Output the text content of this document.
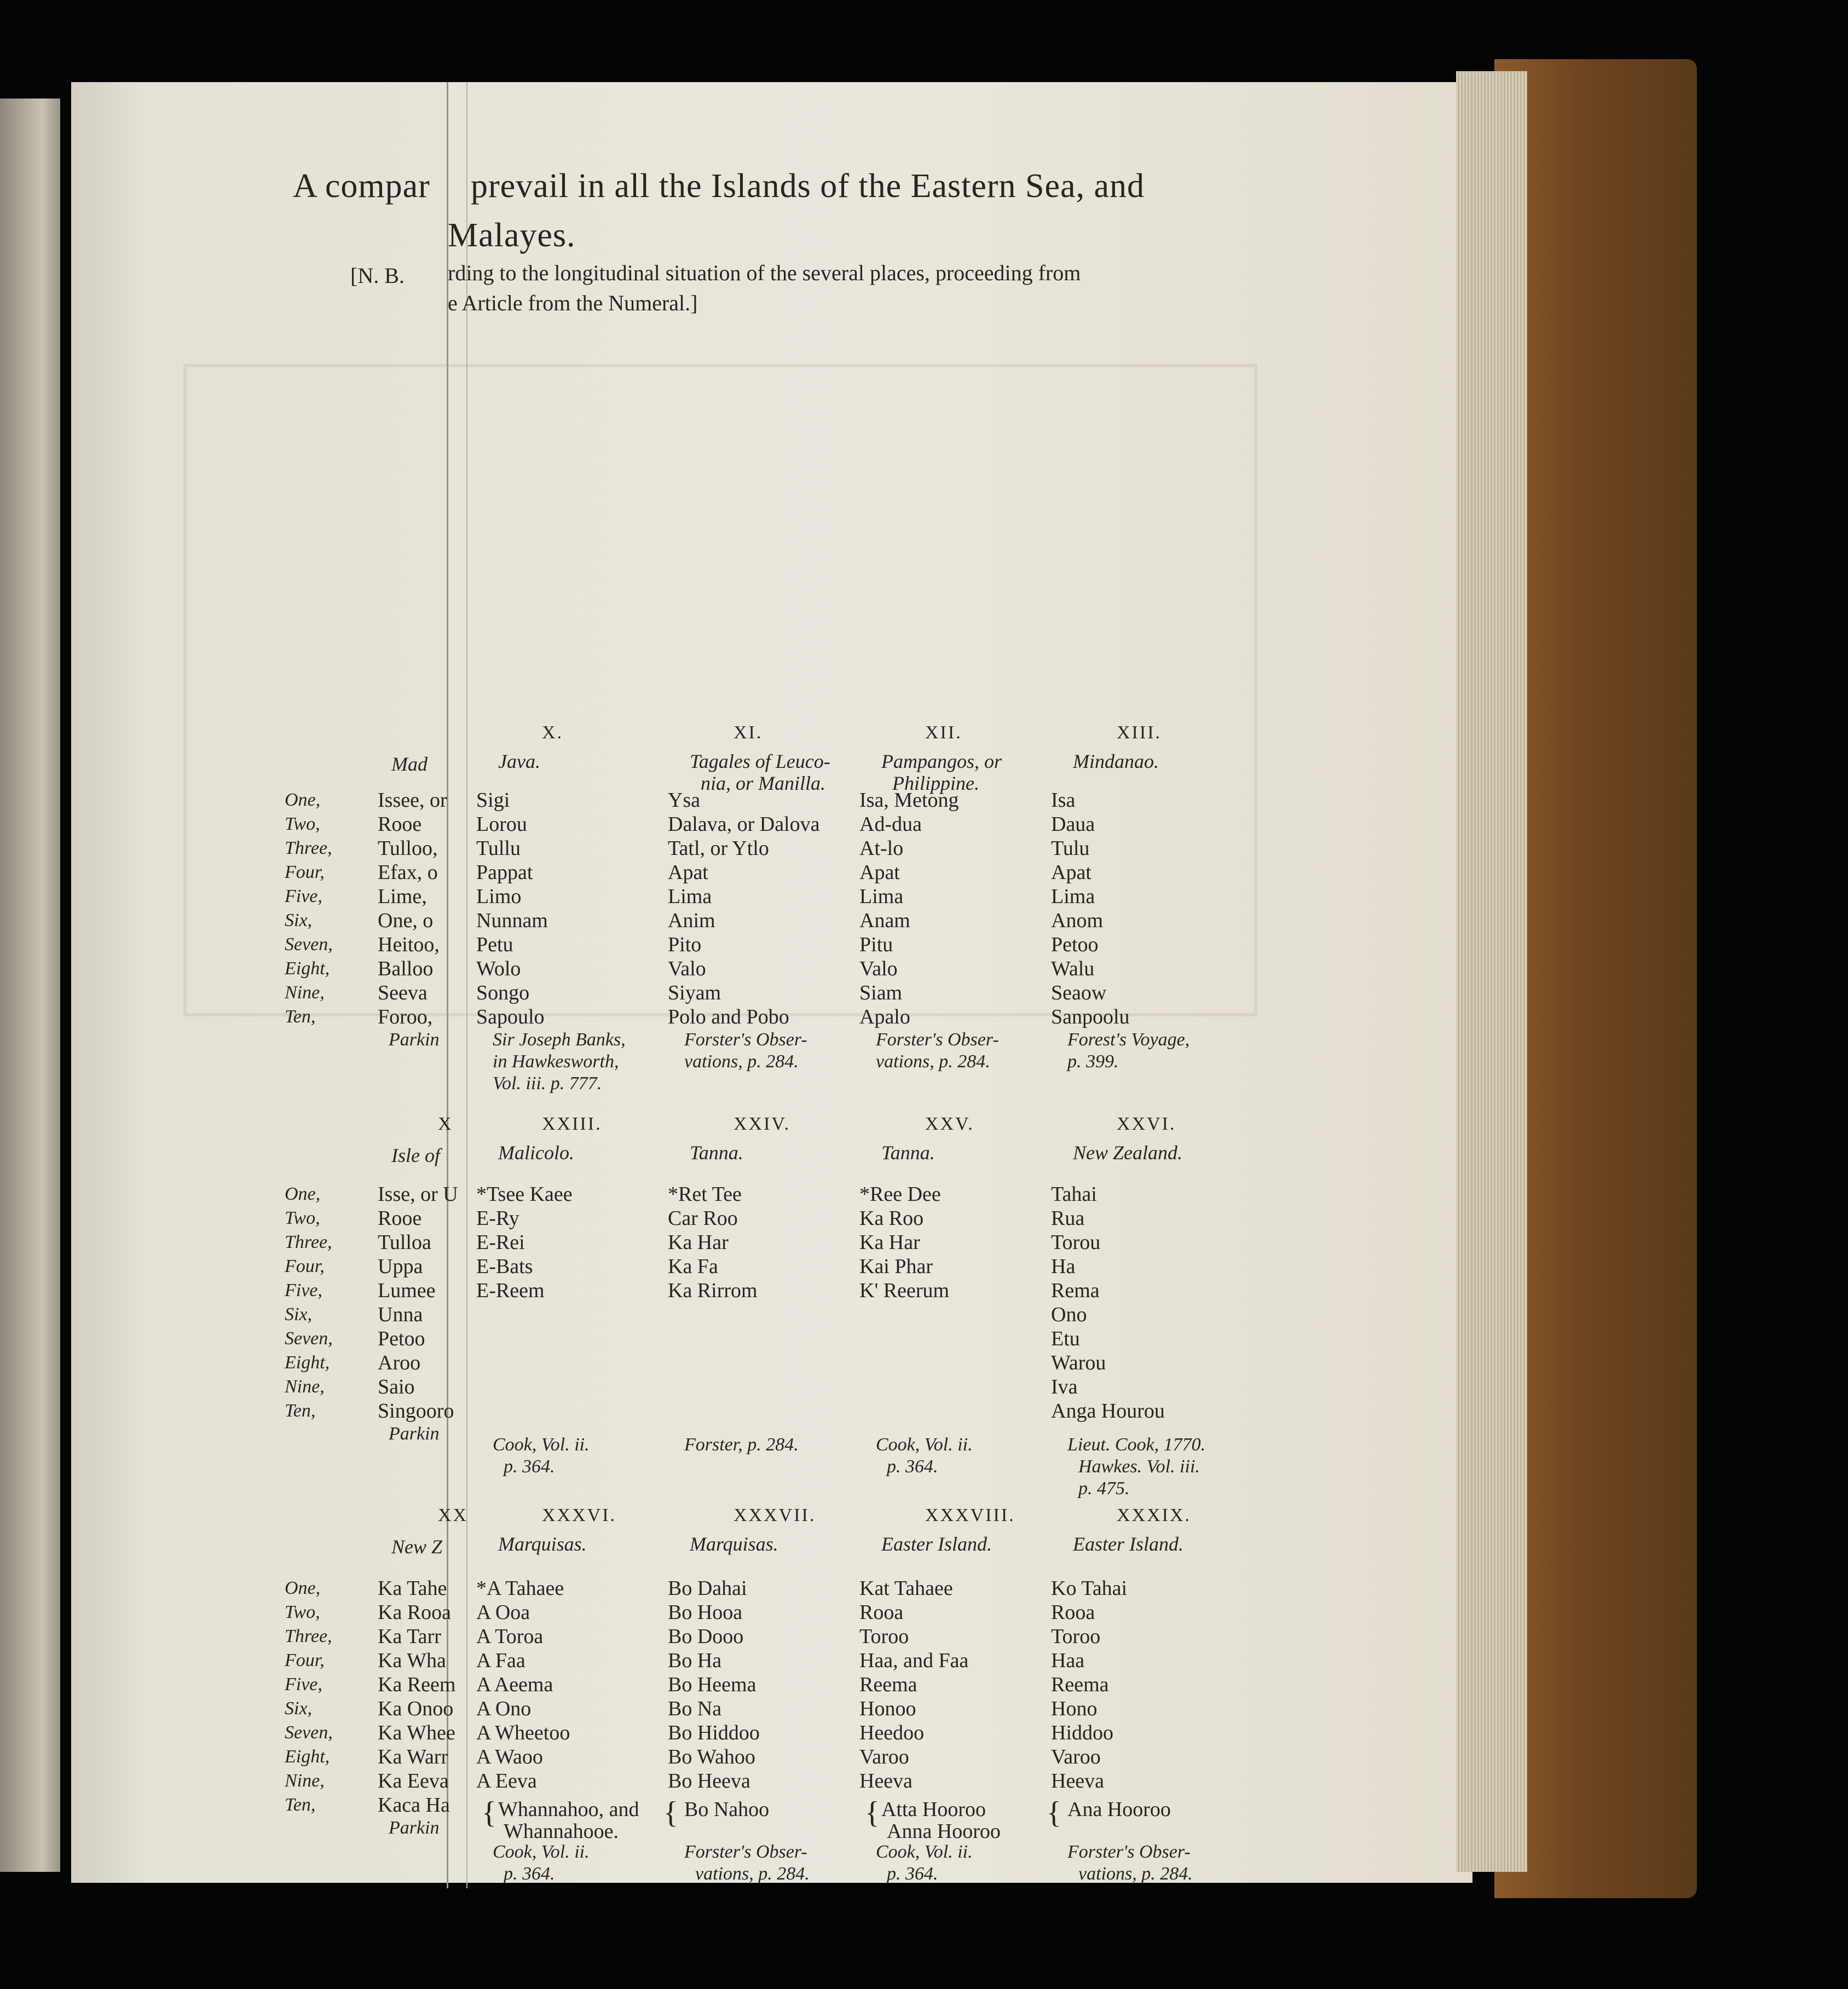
A compar prevail in all the Islands of the Eastern Sea, and
Malayes.
[N. B. rding to the longitudinal situation of the several places, proceeding from
e Article from the Numeral.]
One,
Two,
Three,
Four,
Five,
Six,
Seven,
Eight,
Nine,
Ten,
Mad
Issee, or
Rooe
Tulloo,
Efax, o
Lime,
One, o
Heitoo,
Balloo
Seeva
Foroo,
Parkin
X.
Java.
Sigi
Lorou
Tullu
Pappat
Limo
Nunnam
Petu
Wolo
Songo
Sapoulo
Sir Joseph Banks,
in Hawkesworth,
Vol. iii. p. 777.
XI.
Tagales of Leuco-
nia, or Manilla.
Ysa
Dalava, or Dalova
Tatl, or Ytlo
Apat
Lima
Anim
Pito
Valo
Siyam
Polo and Pobo
Forster's Obser-
vations, p. 284.
XII.
Pampangos, or
Philippine.
Isa, Metong
Ad-dua
At-lo
Apat
Lima
Anam
Pitu
Valo
Siam
Apalo
Forster's Obser-
vations, p. 284.
XIII.
Mindanao.
Isa
Daua
Tulu
Apat
Lima
Anom
Petoo
Walu
Seaow
Sanpoolu
Forest's Voyage,
p. 399.
One,
Two,
Three,
Four,
Five,
Six,
Seven,
Eight,
Nine,
Ten,
X
Isle of
Isse, or U
Rooe
Tulloa
Uppa
Lumee
Unna
Petoo
Aroo
Saio
Singooro
Parkin
XXIII.
Malicolo.
*Tsee Kaee
E-Ry
E-Rei
E-Bats
E-Reem
Cook, Vol. ii.
p. 364.
XXIV.
Tanna.
*Ret Tee
Car Roo
Ka Har
Ka Fa
Ka Rirrom
Forster, p. 284.
XXV.
Tanna.
*Ree Dee
Ka Roo
Ka Har
Kai Phar
K' Reerum
Cook, Vol. ii.
p. 364.
XXVI.
New Zealand.
Tahai
Rua
Torou
Ha
Rema
Ono
Etu
Warou
Iva
Anga Hourou
Lieut. Cook, 1770.
Hawkes. Vol. iii.
p. 475.
One,
Two,
Three,
Four,
Five,
Six,
Seven,
Eight,
Nine,
Ten,
XX
New Z
Ka Tahe
Ka Rooa
Ka Tarr
Ka Wha
Ka Reem
Ka Onoo
Ka Whee
Ka Warr
Ka Eeva
Kaca Ha
Parkin
XXXVI.
Marquisas.
*A Tahaee
A Ooa
A Toroa
A Faa
A Aeema
A Ono
A Wheetoo
A Waoo
A Eeva
Whannahoo, and
Whannahooe.
{
Cook, Vol. ii.
p. 364.
XXXVII.
Marquisas.
Bo Dahai
Bo Hooa
Bo Dooo
Bo Ha
Bo Heema
Bo Na
Bo Hiddoo
Bo Wahoo
Bo Heeva
Bo Nahoo
{
Forster's Obser-
vations, p. 284.
XXXVIII.
Easter Island.
Kat Tahaee
Rooa
Toroo
Haa, and Faa
Reema
Honoo
Heedoo
Varoo
Heeva
Atta Hooroo
Anna Hooroo
{
Cook, Vol. ii.
p. 364.
XXXIX.
Easter Island.
Ko Tahai
Rooa
Toroo
Haa
Reema
Hono
Hiddoo
Varoo
Heeva
Ana Hooroo
{
Forster's Obser-
vations, p. 284.
